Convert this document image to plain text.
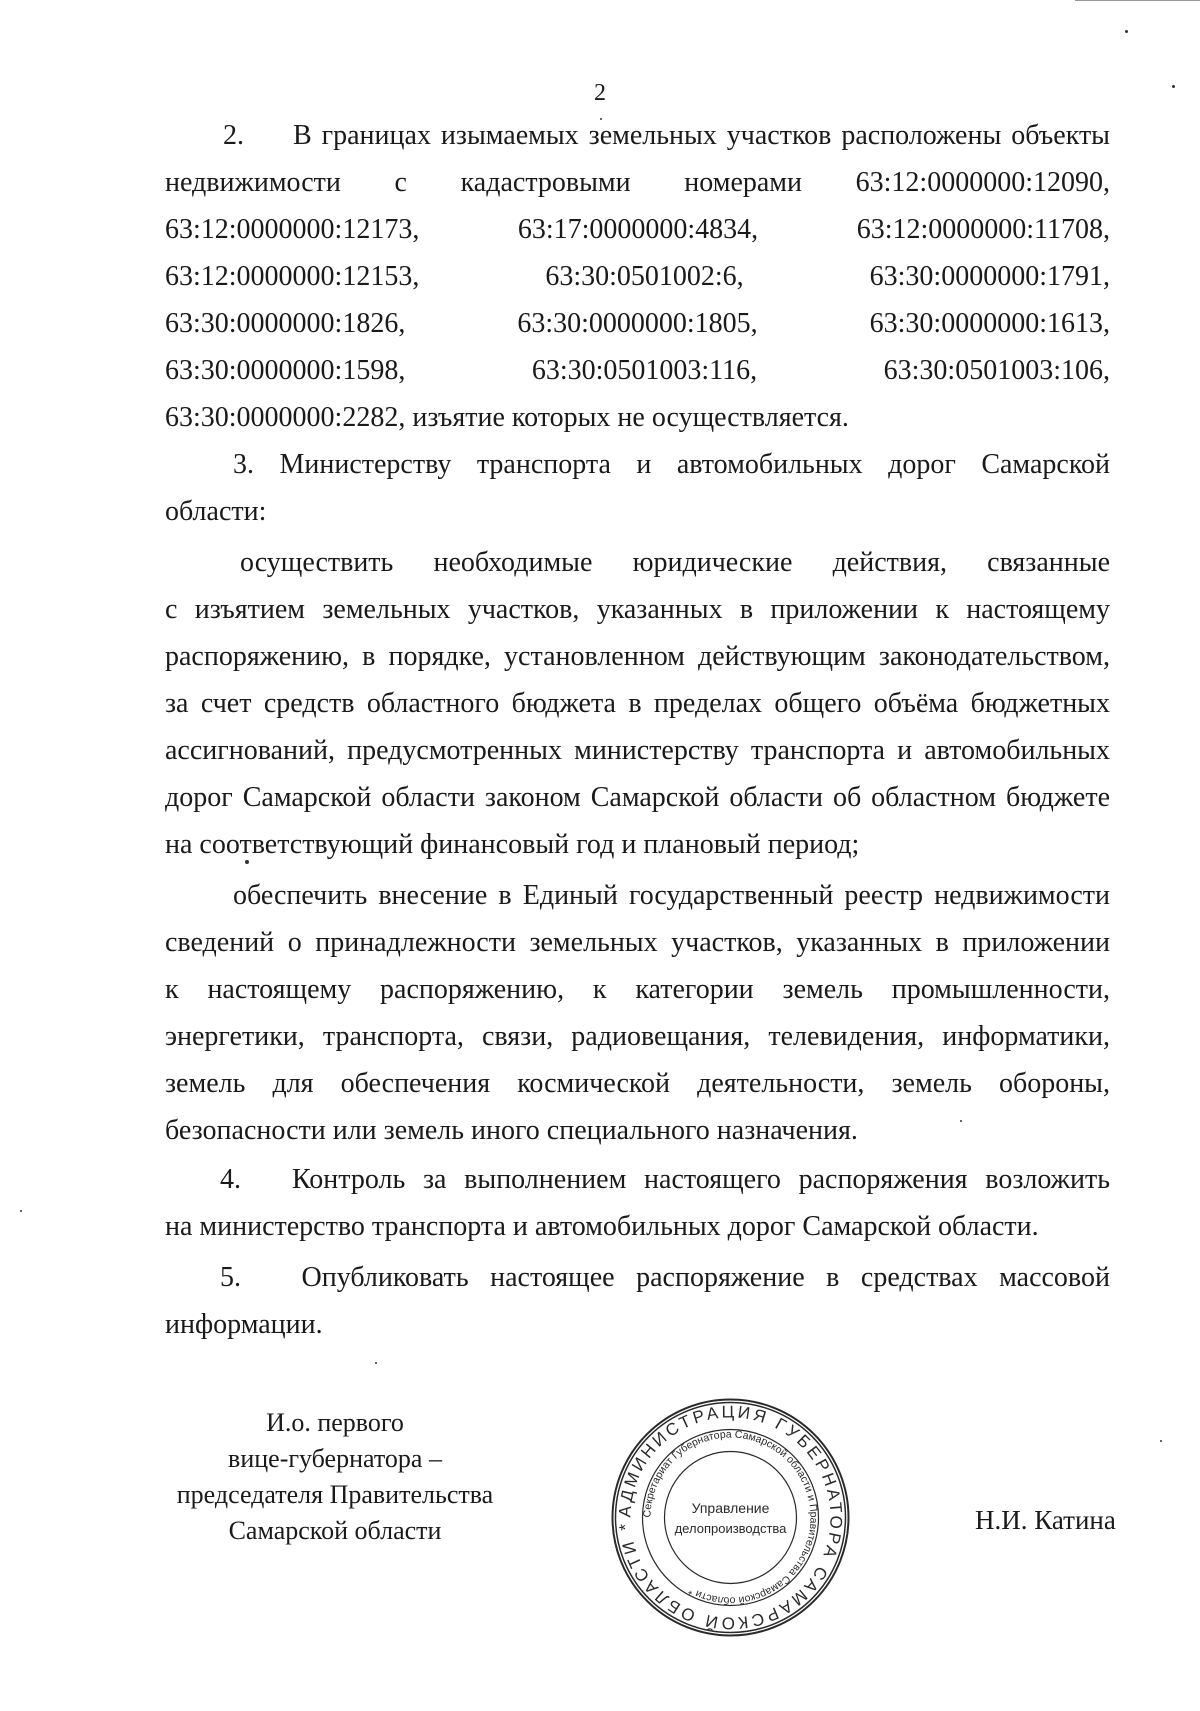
2
2.	В границах изымаемых земельных участков расположены объекты
недвижимости с кадастровыми номерами 63:12:0000000:12090,
63:12:0000000:12173,	63:17:0000000:4834,	63:12:0000000:11708,
63:12:0000000:12153,	63:30:0501002:6,	63:30:0000000:1791,
63:30:0000000:1826,	63:30:0000000:1805,	63:30:0000000:1613,
63:30:0000000:1598,	63:30:0501003:116,	63:30:0501003:106,
63:30:0000000:2282, изъятие которых не осуществляется.
3. Министерству транспорта и автомобильных дорог Самарской
области:
осуществить необходимые юридические действия, связанные
с изъятием земельных участков, указанных в приложении к настоящему
распоряжению, в порядке, установленном действующим законодательством,
за счет средств областного бюджета в пределах общего объёма бюджетных
ассигнований, предусмотренных министерству транспорта и автомобильных
дорог Самарской области законом Самарской области об областном бюджете
на соответствующий финансовый год и плановый период;
обеспечить внесение в Единый государственный реестр недвижимости
сведений о принадлежности земельных участков, указанных в приложении
к настоящему распоряжению, к категории земель промышленности,
энергетики, транспорта, связи, радиовещания, телевидения, информатики,
земель для обеспечения космической деятельности, земель обороны,
безопасности или земель иного специального назначения.
4.	Контроль за выполнением настоящего распоряжения возложить
на министерство транспорта и автомобильных дорог Самарской области.
5.	Опубликовать настоящее распоряжение в средствах массовой
информации.
И.о. первого
вице-губернатора –
председателя Правительства
Самарской области
АДМИНИСТРАЦИЯ ГУБЕРНАТОРА САМАРСКОЙ ОБЛАСТИ *
Секретариат Губернатора Самарской области и Правительства Самарской области *
Управление
делопроизводства	Н.И. Катина
